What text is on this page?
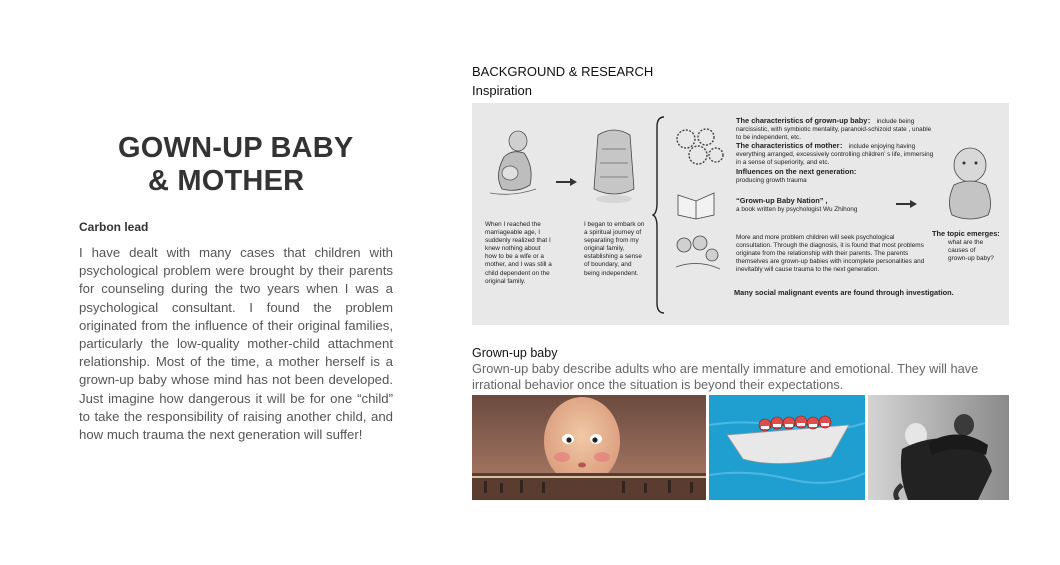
GOWN-UP BABY
& MOTHER
Carbon lead
I have dealt with many cases that children with psychological problem were brought by their parents for counseling during the two years when I was a psychological consultant. I found the problem originated from the influence of their original families, particularly the low-quality mother-child attachment relationship. Most of the time, a mother herself is a grown-up baby whose mind has not been developed. Just imagine how dangerous it will be for one “child” to take the responsibility of raising another child, and how much trauma the next generation will suffer!
BACKGROUND & RESEARCH
Inspiration
When I reached the marriageable age, I suddenly realized that I knew nothing about how to be a wife or a mother, and I was still a child dependent on the original family.
I began to embark on a spiritual journey of separating from my original family, establishing a sense of boundary, and being independent.
The characteristics of grown-up baby： include being narcissistic, with symbiotic mentality, paranoid-schizoid state , unable to be independent, etc.
The characteristics of mother： include enjoying having everything arranged, excessively controlling children’ s life, immersing in a sense of superiority, and etc.
Influences on the next generation:
producing growth trauma
“Grown-up Baby Nation” ,
a book written by psychologist Wu Zhihong
More and more problem children will seek psychological consultation. Through the diagnosis, it is found that most problems originate from the relationship with their parents. The parents themselves are grown-up babies with incomplete personalities and inevitably will cause trauma to the next generation.
Many social malignant events are found through investigation.
The topic emerges:
what are the causes of grown-up baby?
Grown-up baby
Grown-up baby describe adults who are mentally immature and emotional. They will have irrational behavior once the situation is beyond their expectations.
